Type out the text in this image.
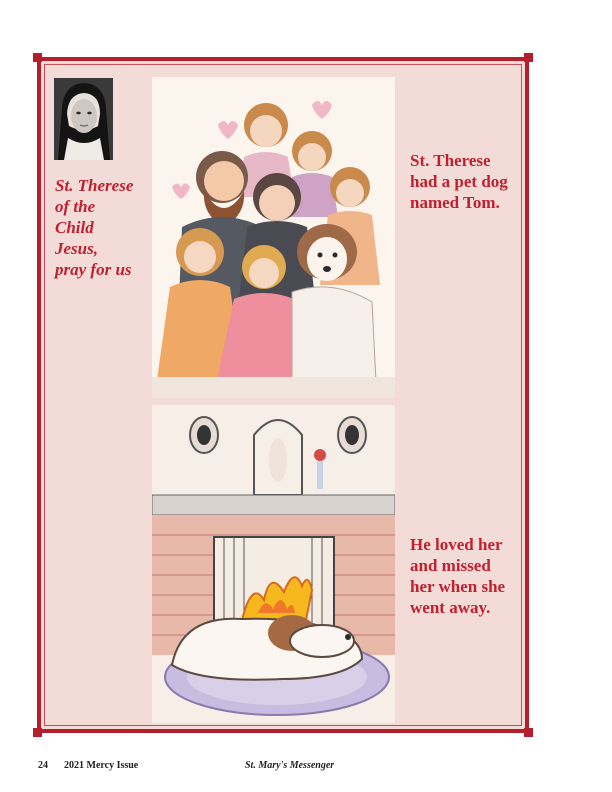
St. Therese
of the
Child
Jesus,
pray for us
St. Therese
had a pet dog
named Tom.
He loved her
and missed
her when she
went away.
24 2021 Mercy Issue	St. Mary's Messenger
